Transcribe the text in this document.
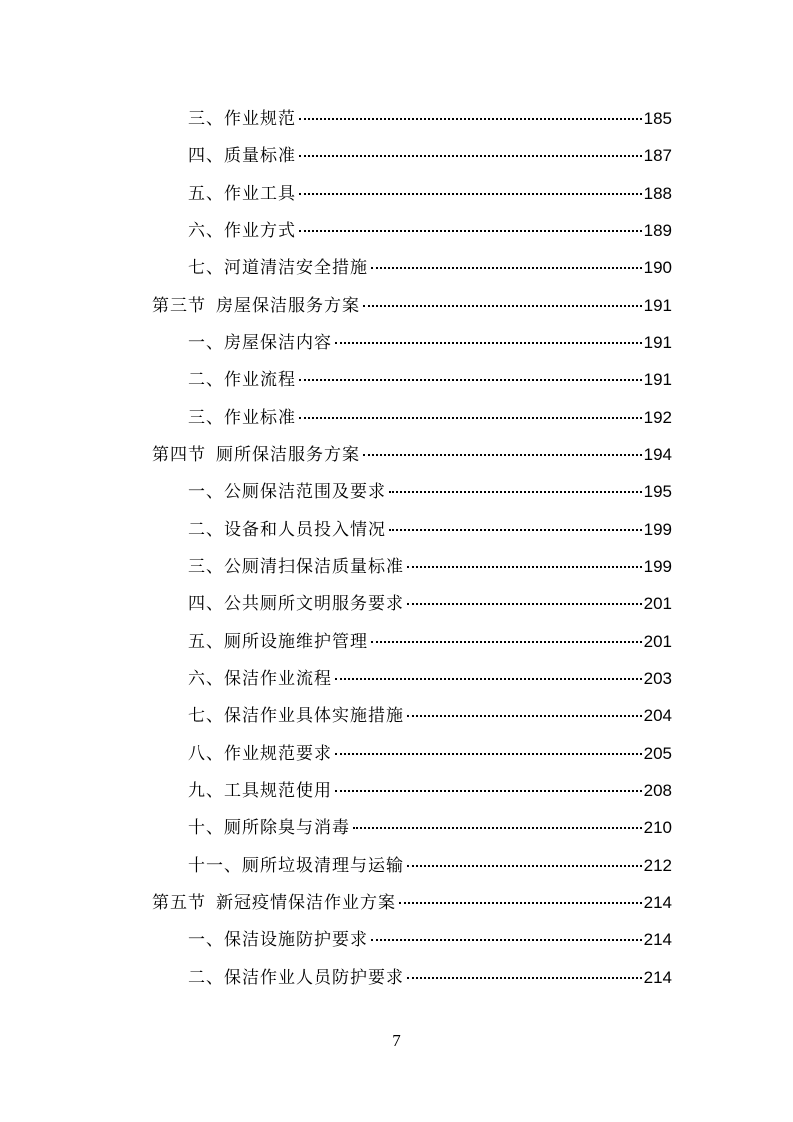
三、作业规范	185
四、质量标准	187
五、作业工具	188
六、作业方式	189
七、河道清洁安全措施	190
第三节 房屋保洁服务方案	191
一、房屋保洁内容	191
二、作业流程	191
三、作业标准	192
第四节 厕所保洁服务方案	194
一、公厕保洁范围及要求	195
二、设备和人员投入情况	199
三、公厕清扫保洁质量标准	199
四、公共厕所文明服务要求	201
五、厕所设施维护管理	201
六、保洁作业流程	203
七、保洁作业具体实施措施	204
八、作业规范要求	205
九、工具规范使用	208
十、厕所除臭与消毒	210
十一、厕所垃圾清理与运输	212
第五节 新冠疫情保洁作业方案	214
一、保洁设施防护要求	214
二、保洁作业人员防护要求	214
7
